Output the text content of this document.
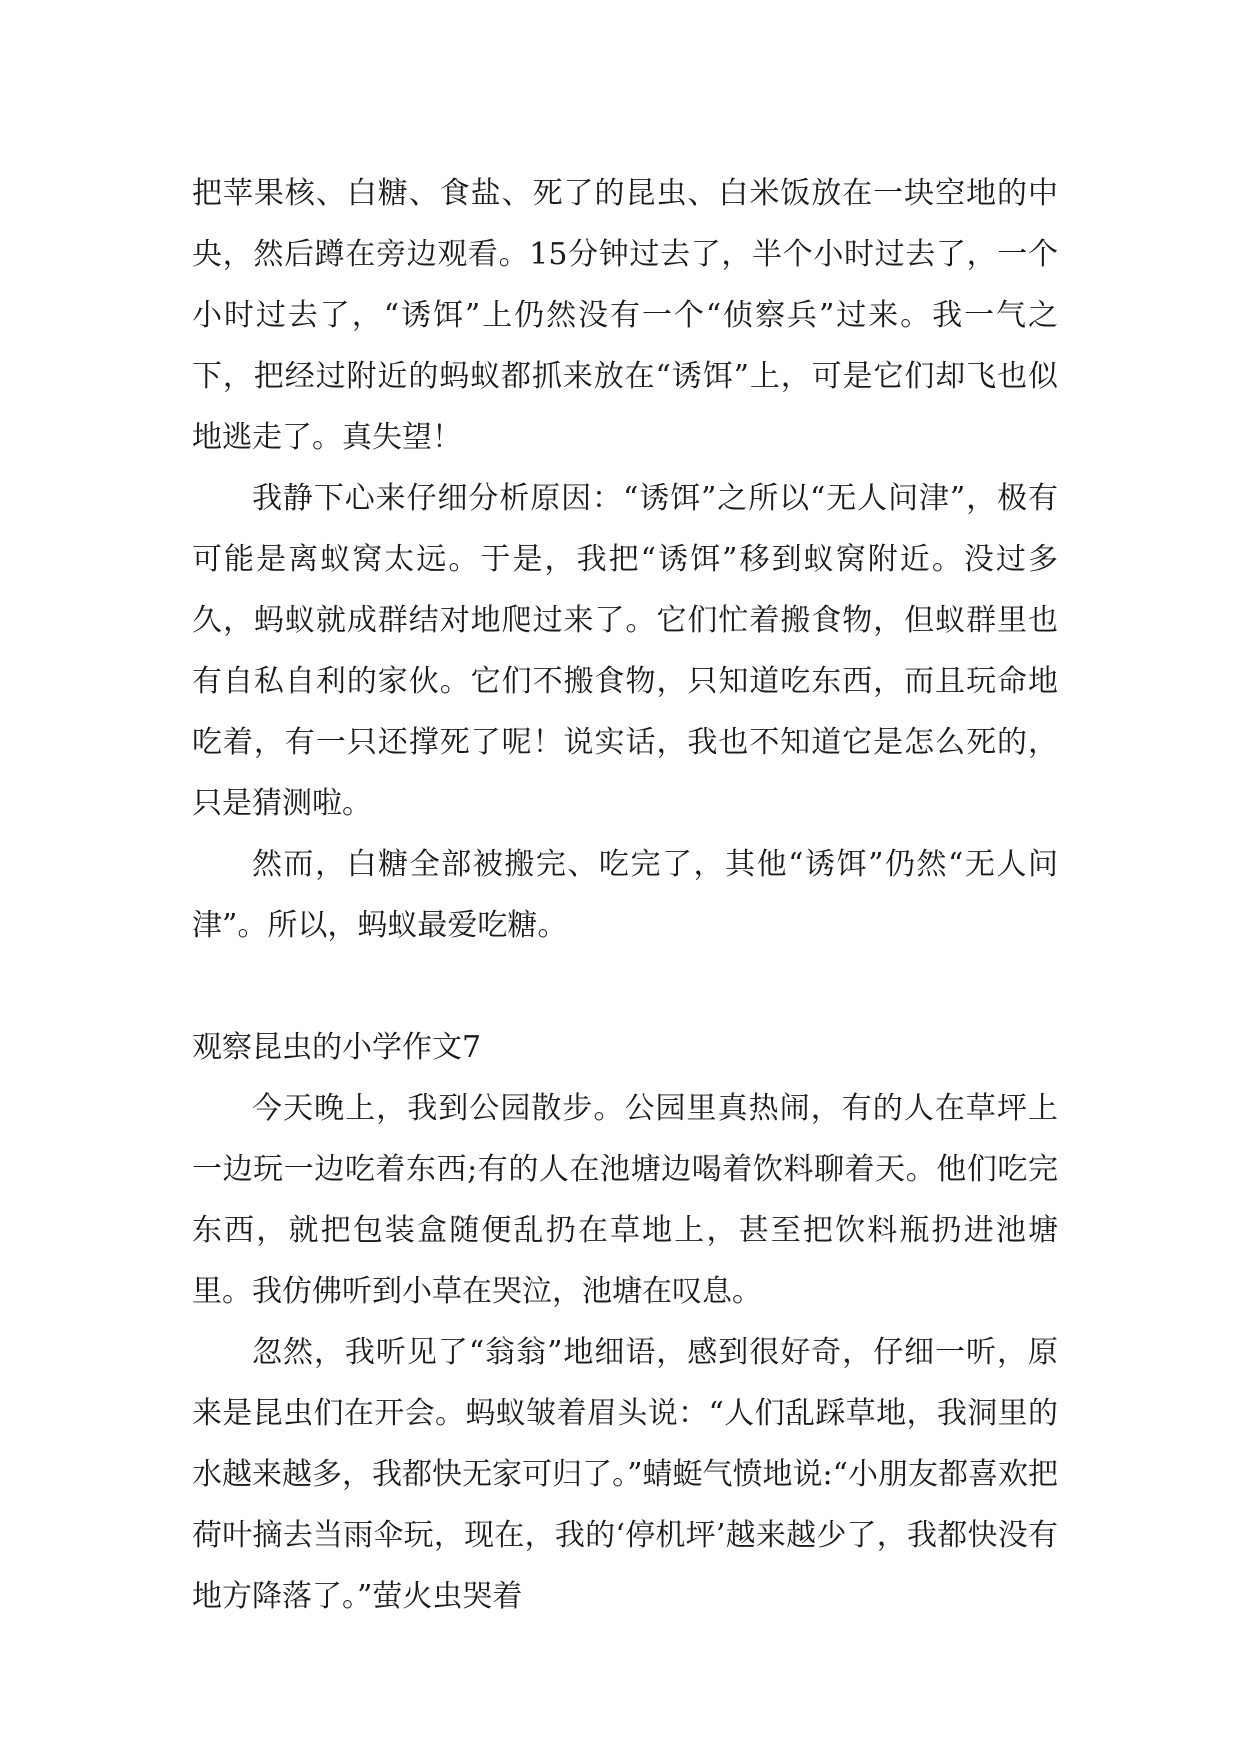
把苹果核、白糖、食盐、死了的昆虫、白米饭放在一块空地的中央，然后蹲在旁边观看。15分钟过去了，半个小时过去了，一个小时过去了，“诱饵”上仍然没有一个“侦察兵”过来。我一气之下，把经过附近的蚂蚁都抓来放在“诱饵”上，可是它们却飞也似地逃走了。真失望！

我静下心来仔细分析原因：“诱饵”之所以“无人问津”，极有可能是离蚁窝太远。于是，我把“诱饵”移到蚁窝附近。没过多久，蚂蚁就成群结对地爬过来了。它们忙着搬食物，但蚁群里也有自私自利的家伙。它们不搬食物，只知道吃东西，而且玩命地吃着，有一只还撑死了呢！说实话，我也不知道它是怎么死的，只是猜测啦。

然而，白糖全部被搬完、吃完了，其他“诱饵”仍然“无人问津”。所以，蚂蚁最爱吃糖。

观察昆虫的小学作文7

今天晚上，我到公园散步。公园里真热闹，有的人在草坪上一边玩一边吃着东西;有的人在池塘边喝着饮料聊着天。他们吃完东西，就把包装盒随便乱扔在草地上，甚至把饮料瓶扔进池塘里。我仿佛听到小草在哭泣，池塘在叹息。

忽然，我听见了“翁翁”地细语，感到很好奇，仔细一听，原来是昆虫们在开会。蚂蚁皱着眉头说：“人们乱踩草地，我洞里的水越来越多，我都快无家可归了。”蜻蜓气愤地说:“小朋友都喜欢把荷叶摘去当雨伞玩，现在，我的‘停机坪’越来越少了，我都快没有地方降落了。”萤火虫哭着
